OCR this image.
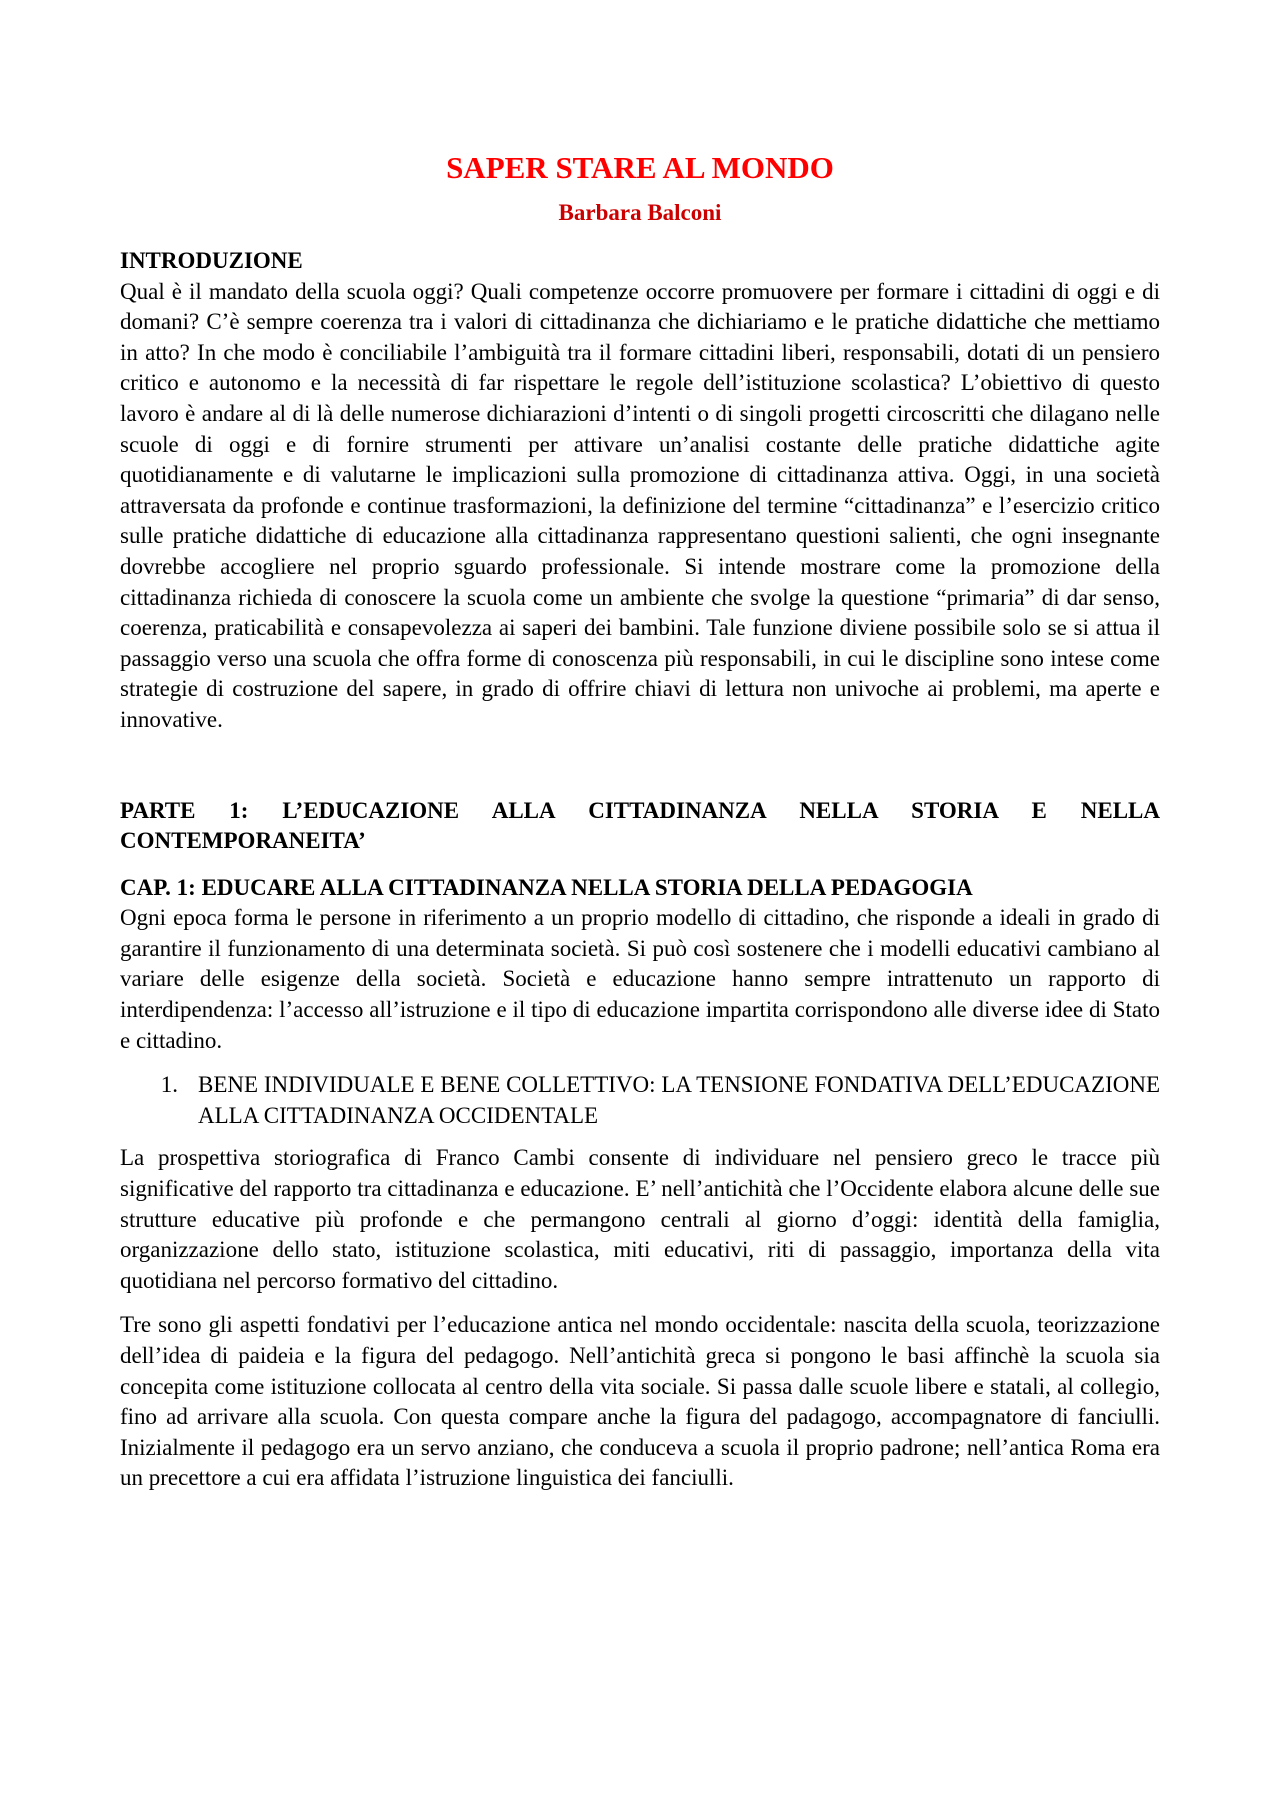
SAPER STARE AL MONDO
Barbara Balconi
INTRODUZIONE

Qual è il mandato della scuola oggi? Quali competenze occorre promuovere per formare i cittadini di oggi e di domani? C’è sempre coerenza tra i valori di cittadinanza che dichiariamo e le pratiche didattiche che mettiamo in atto? In che modo è conciliabile l’ambiguità tra il formare cittadini liberi, responsabili, dotati di un pensiero critico e autonomo e la necessità di far rispettare le regole dell’istituzione scolastica? L’obiettivo di questo lavoro è andare al di là delle numerose dichiarazioni d’intenti o di singoli progetti circoscritti che dilagano nelle scuole di oggi e di fornire strumenti per attivare un’analisi costante delle pratiche didattiche agite quotidianamente e di valutarne le implicazioni sulla promozione di cittadinanza attiva. Oggi, in una società attraversata da profonde e continue trasformazioni, la definizione del termine “cittadinanza” e l’esercizio critico sulle pratiche didattiche di educazione alla cittadinanza rappresentano questioni salienti, che ogni insegnante dovrebbe accogliere nel proprio sguardo professionale. Si intende mostrare come la promozione della cittadinanza richieda di conoscere la scuola come un ambiente che svolge la questione “primaria” di dar senso, coerenza, praticabilità e consapevolezza ai saperi dei bambini. Tale funzione diviene possibile solo se si attua il passaggio verso una scuola che offra forme di conoscenza più responsabili, in cui le discipline sono intese come strategie di costruzione del sapere, in grado di offrire chiavi di lettura non univoche ai problemi, ma aperte e innovative.

PARTE 1: L’EDUCAZIONE ALLA CITTADINANZA NELLA STORIA E NELLA CONTEMPORANEITA’
CAP. 1: EDUCARE ALLA CITTADINANZA NELLA STORIA DELLA PEDAGOGIA

Ogni epoca forma le persone in riferimento a un proprio modello di cittadino, che risponde a ideali in grado di garantire il funzionamento di una determinata società. Si può così sostenere che i modelli educativi cambiano al variare delle esigenze della società. Società e educazione hanno sempre intrattenuto un rapporto di interdipendenza: l’accesso all’istruzione e il tipo di educazione impartita corrispondono alle diverse idee di Stato e cittadino.

1. BENE INDIVIDUALE E BENE COLLETTIVO: LA TENSIONE FONDATIVA DELL’EDUCAZIONE ALLA CITTADINANZA OCCIDENTALE

La prospettiva storiografica di Franco Cambi consente di individuare nel pensiero greco le tracce più significative del rapporto tra cittadinanza e educazione. E’ nell’antichità che l’Occidente elabora alcune delle sue strutture educative più profonde e che permangono centrali al giorno d’oggi: identità della famiglia, organizzazione dello stato, istituzione scolastica, miti educativi, riti di passaggio, importanza della vita quotidiana nel percorso formativo del cittadino.

Tre sono gli aspetti fondativi per l’educazione antica nel mondo occidentale: nascita della scuola, teorizzazione dell’idea di paideia e la figura del pedagogo. Nell’antichità greca si pongono le basi affinchè la scuola sia concepita come istituzione collocata al centro della vita sociale. Si passa dalle scuole libere e statali, al collegio, fino ad arrivare alla scuola. Con questa compare anche la figura del padagogo, accompagnatore di fanciulli. Inizialmente il pedagogo era un servo anziano, che conduceva a scuola il proprio padrone; nell’antica Roma era un precettore a cui era affidata l’istruzione linguistica dei fanciulli.
